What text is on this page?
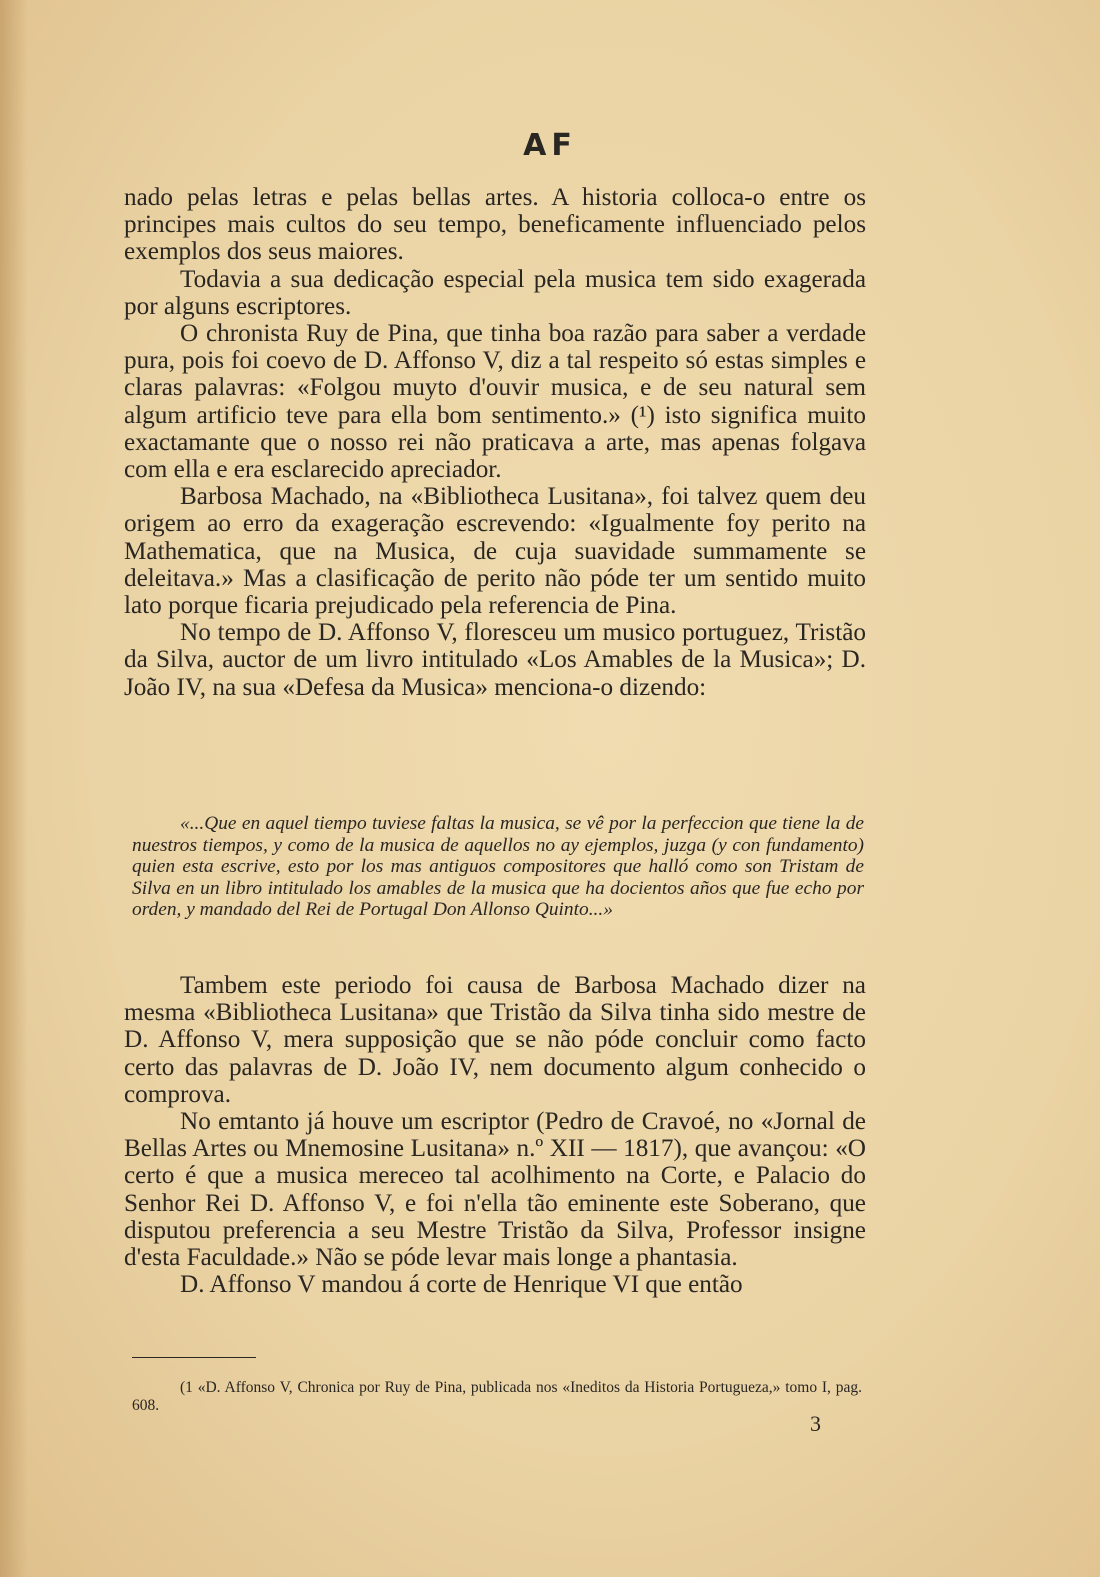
AF

nado pelas letras e pelas bellas artes. A historia colloca-o entre os principes mais cultos do seu tempo, beneficamente influenciado pelos exemplos dos seus maiores.

Todavia a sua dedicação especial pela musica tem sido exagerada por alguns escriptores.

O chronista Ruy de Pina, que tinha boa razão para saber a verdade pura, pois foi coevo de D. Affonso V, diz a tal respeito só estas simples e claras palavras: «Folgou muyto d'ouvir musica, e de seu natural sem algum artificio teve para ella bom sentimento.» (¹) isto significa muito exactamante que o nosso rei não praticava a arte, mas apenas folgava com ella e era esclarecido apreciador.

Barbosa Machado, na «Bibliotheca Lusitana», foi talvez quem deu origem ao erro da exageração escrevendo: «Igualmente foy perito na Mathematica, que na Musica, de cuja suavidade summamente se deleitava.» Mas a clasificação de perito não póde ter um sentido muito lato porque ficaria prejudicado pela referencia de Pina.

No tempo de D. Affonso V, floresceu um musico portuguez, Tristão da Silva, auctor de um livro intitulado «Los Amables de la Musica»; D. João IV, na sua «Defesa da Musica» menciona-o dizendo:

«...Que en aquel tiempo tuviese faltas la musica, se vê por la perfeccion que tiene la de nuestros tiempos, y como de la musica de aquellos no ay ejemplos, juzga (y con fundamento) quien esta escrive, esto por los mas antiguos compositores que halló como son Tristam de Silva en un libro intitulado los amables de la musica que ha docientos años que fue echo por orden, y mandado del Rei de Portugal Don Allonso Quinto...»

Tambem este periodo foi causa de Barbosa Machado dizer na mesma «Bibliotheca Lusitana» que Tristão da Silva tinha sido mestre de D. Affonso V, mera supposição que se não póde concluir como facto certo das palavras de D. João IV, nem documento algum conhecido o comprova.

No emtanto já houve um escriptor (Pedro de Cravoé, no «Jornal de Bellas Artes ou Mnemosine Lusitana» n.º XII — 1817), que avançou: «O certo é que a musica mereceo tal acolhimento na Corte, e Palacio do Senhor Rei D. Affonso V, e foi n'ella tão eminente este Soberano, que disputou preferencia a seu Mestre Tristão da Silva, Professor insigne d'esta Faculdade.» Não se póde levar mais longe a phantasia.

D. Affonso V mandou á corte de Henrique VI que então

(1 «D. Affonso V, Chronica por Ruy de Pina, publicada nos «Ineditos da Historia Portugueza,» tomo I, pag. 608.

3
